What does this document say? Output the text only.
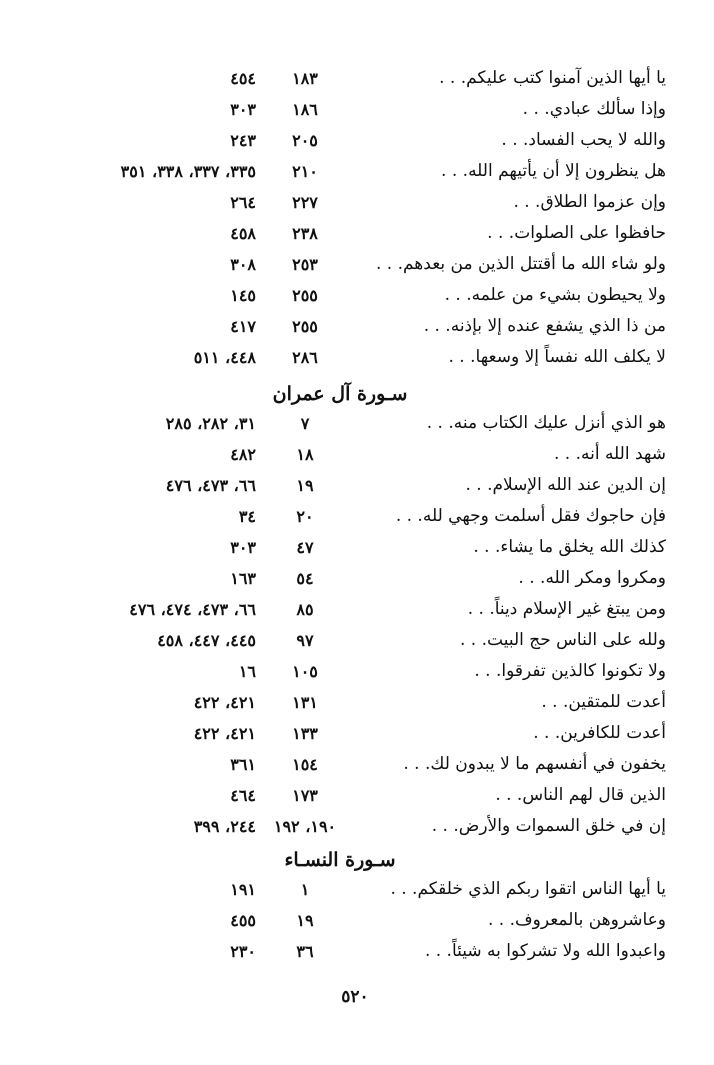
يا أيها الذين آمنوا كتب عليكم. . .
١٨٣
٤٥٤
وإذا سألك عبادي. . .
١٨٦
٣٠٣
والله لا يحب الفساد. . .
٢٠٥
٢٤٣
هل ينظرون إلا أن يأتيهم الله. . .
٢١٠
٣٣٥، ٣٣٧، ٣٣٨، ٣٥١
وإن عزموا الطلاق. . .
٢٢٧
٢٦٤
حافظوا على الصلوات. . .
٢٣٨
٤٥٨
ولو شاء الله ما أقتتل الذين من بعدهم. . .
٢٥٣
٣٠٨
ولا يحيطون بشيء من علمه. . .
٢٥٥
١٤٥
من ذا الذي يشفع عنده إلا بإذنه. . .
٢٥٥
٤١٧
لا يكلف الله نفساً إلا وسعها. . .
٢٨٦
٤٤٨، ٥١١
سـورة آل عمران
هو الذي أنزل عليك الكتاب منه. . .
٧
٣١، ٢٨٢، ٢٨٥
شهد الله أنه. . .
١٨
٤٨٢
إن الدين عند الله الإسلام. . .
١٩
٦٦، ٤٧٣، ٤٧٦
فإن حاجوك فقل أسلمت وجهي لله. . .
٢٠
٣٤
كذلك الله يخلق ما يشاء. . .
٤٧
٣٠٣
ومكروا ومكر الله. . .
٥٤
١٦٣
ومن يبتغ غير الإسلام ديناً. . .
٨٥
٦٦، ٤٧٣، ٤٧٤، ٤٧٦
ولله على الناس حج البيت. . .
٩٧
٤٤٥، ٤٤٧، ٤٥٨
ولا تكونوا كالذين تفرقوا. . .
١٠٥
١٦
أعدت للمتقين. . .
١٣١
٤٢١، ٤٢٢
أعدت للكافرين. . .
١٣٣
٤٢١، ٤٢٢
يخفون في أنفسهم ما لا يبدون لك. . .
١٥٤
٣٦١
الذين قال لهم الناس. . .
١٧٣
٤٦٤
إن في خلق السموات والأرض. . .
١٩٠، ١٩٢
٢٤٤، ٣٩٩
سـورة النسـاء
يا أيها الناس اتقوا ربكم الذي خلقكم. . .
١
١٩١
وعاشروهن بالمعروف. . .
١٩
٤٥٥
واعبدوا الله ولا تشركوا به شيئاً. . .
٣٦
٢٣٠
٥٢٠
